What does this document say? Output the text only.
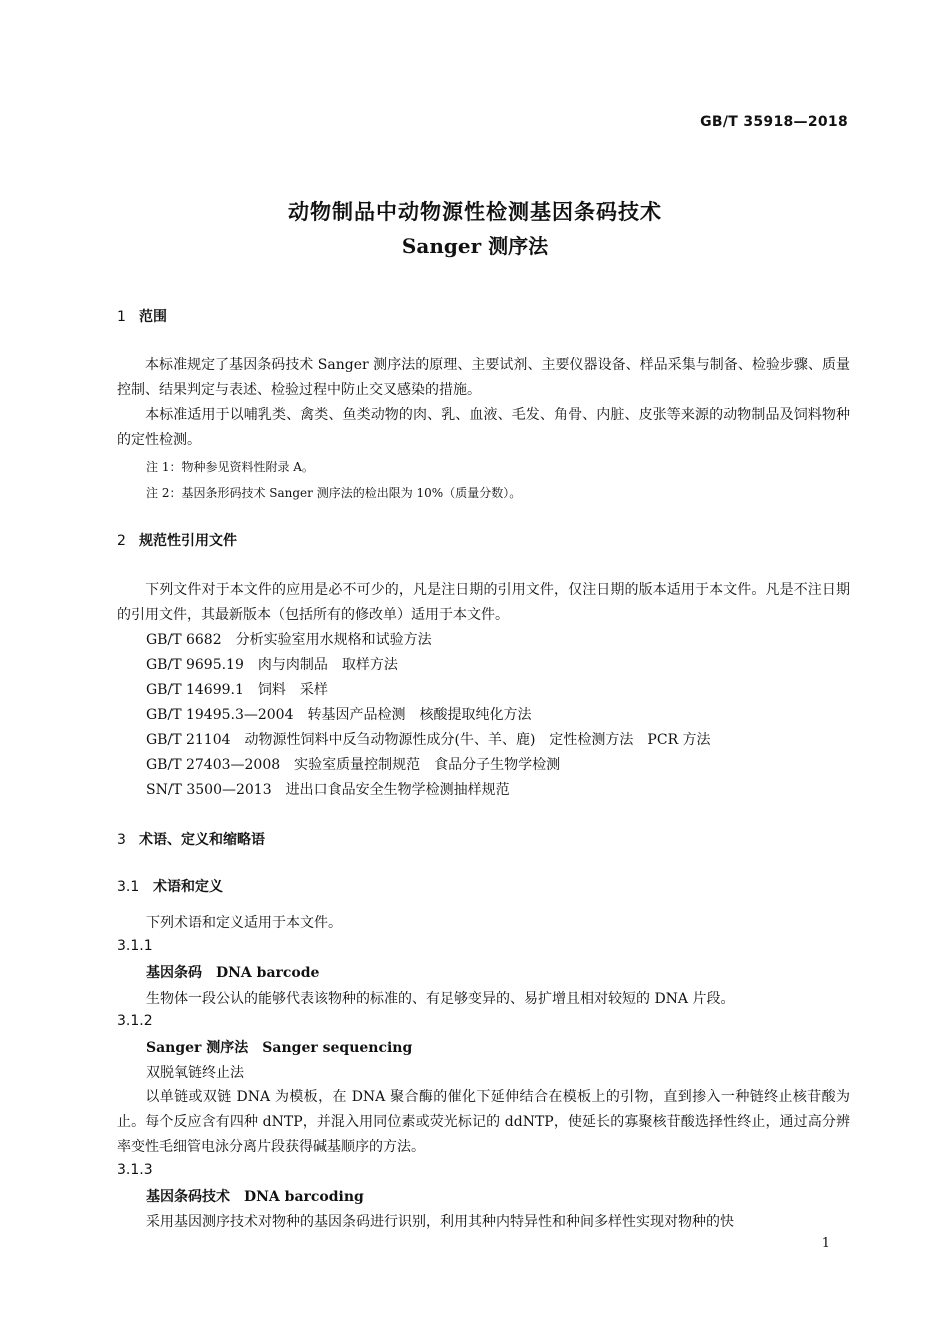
GB/T 35918—2018
动物制品中动物源性检测基因条码技术
Sanger 测序法
1 范围
本标准规定了基因条码技术 Sanger 测序法的原理、主要试剂、主要仪器设备、样品采集与制备、检验步骤、质量控制、结果判定与表述、检验过程中防止交叉感染的措施。
本标准适用于以哺乳类、禽类、鱼类动物的肉、乳、血液、毛发、角骨、内脏、皮张等来源的动物制品及饲料物种的定性检测。
注 1：物种参见资料性附录 A。
注 2：基因条形码技术 Sanger 测序法的检出限为 10%（质量分数）。
2 规范性引用文件
下列文件对于本文件的应用是必不可少的，凡是注日期的引用文件，仅注日期的版本适用于本文件。凡是不注日期的引用文件，其最新版本（包括所有的修改单）适用于本文件。
GB/T 6682　分析实验室用水规格和试验方法
GB/T 9695.19　肉与肉制品　取样方法
GB/T 14699.1　饲料　采样
GB/T 19495.3—2004　转基因产品检测　核酸提取纯化方法
GB/T 21104　动物源性饲料中反刍动物源性成分(牛、羊、鹿)　定性检测方法　PCR 方法
GB/T 27403—2008　实验室质量控制规范　食品分子生物学检测
SN/T 3500—2013　进出口食品安全生物学检测抽样规范
3 术语、定义和缩略语
3.1 术语和定义
下列术语和定义适用于本文件。
3.1.1
基因条码　DNA barcode
生物体一段公认的能够代表该物种的标准的、有足够变异的、易扩增且相对较短的 DNA 片段。
3.1.2
Sanger 测序法　Sanger sequencing
双脱氧链终止法
以单链或双链 DNA 为模板，在 DNA 聚合酶的催化下延伸结合在模板上的引物，直到掺入一种链终止核苷酸为止。每个反应含有四种 dNTP，并混入用同位素或荧光标记的 ddNTP，使延长的寡聚核苷酸选择性终止，通过高分辨率变性毛细管电泳分离片段获得碱基顺序的方法。
3.1.3
基因条码技术　DNA barcoding
采用基因测序技术对物种的基因条码进行识别，利用其种内特异性和种间多样性实现对物种的快
1
